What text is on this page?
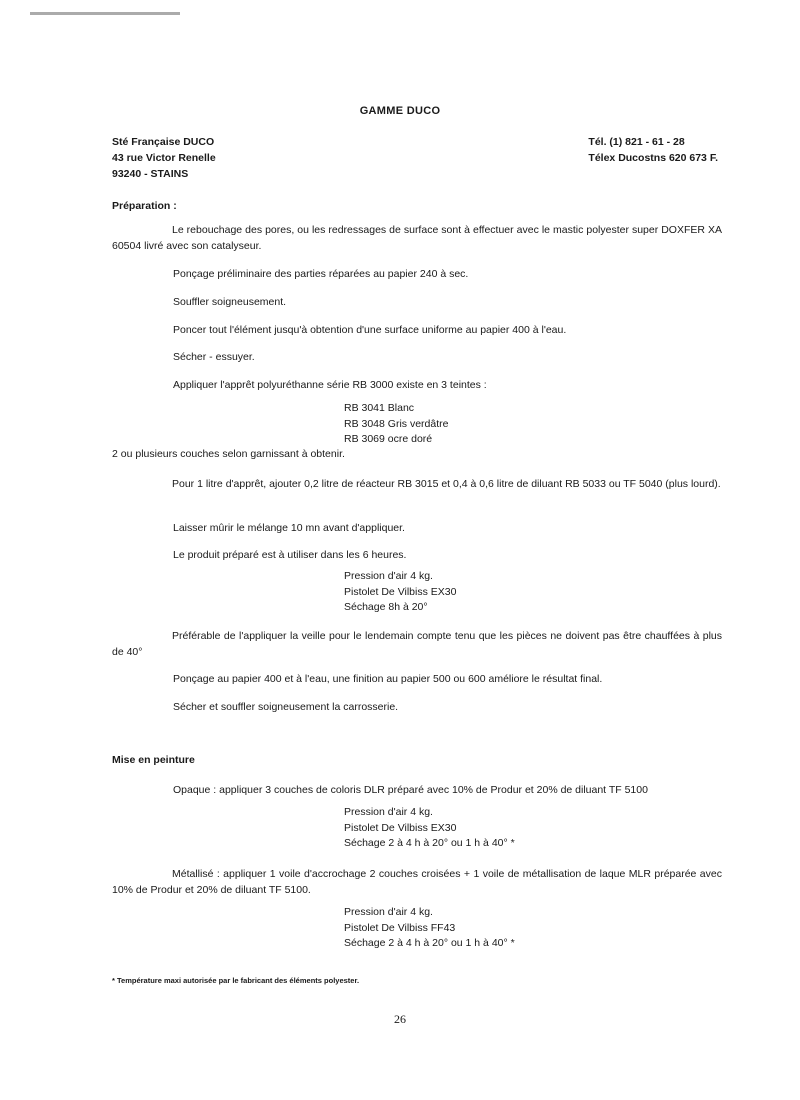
GAMME DUCO
Sté Française DUCO
43 rue Victor Renelle
93240 - STAINS
Tél. (1) 821 - 61 - 28
Télex Ducostns 620 673 F.
Préparation :
Le rebouchage des pores, ou les redressages de surface sont à effectuer avec le mastic polyester super DOXFER XA 60504 livré avec son catalyseur.
Ponçage préliminaire des parties réparées au papier 240 à sec.
Souffler soigneusement.
Poncer tout l'élément jusqu'à obtention d'une surface uniforme au papier 400 à l'eau.
Sécher - essuyer.
Appliquer l'apprêt polyuréthanne série RB 3000 existe en 3 teintes :
RB 3041 Blanc
RB 3048 Gris verdâtre
RB 3069 ocre doré
2 ou plusieurs couches selon garnissant à obtenir.
Pour 1 litre d'apprêt, ajouter 0,2 litre de réacteur RB 3015 et 0,4 à 0,6 litre de diluant RB 5033 ou TF 5040 (plus lourd).
Laisser mûrir le mélange 10 mn avant d'appliquer.
Le produit préparé est à utiliser dans les 6 heures.
Pression d'air 4 kg.
Pistolet De Vilbiss EX30
Séchage 8h à 20°
Préférable de l'appliquer la veille pour le lendemain compte tenu que les pièces ne doivent pas être chauffées à plus de 40°
Ponçage au papier 400 et à l'eau, une finition au papier 500 ou 600 améliore le résultat final.
Sécher et souffler soigneusement la carrosserie.
Mise en peinture
Opaque : appliquer 3 couches de coloris DLR préparé avec 10% de Produr et 20% de diluant TF 5100
Pression d'air 4 kg.
Pistolet De Vilbiss EX30
Séchage 2 à 4 h à 20° ou 1 h à 40° *
Métallisé : appliquer 1 voile d'accrochage 2 couches croisées + 1 voile de métallisation de laque MLR préparée avec 10% de Produr et 20% de diluant TF 5100.
Pression d'air 4 kg.
Pistolet De Vilbiss FF43
Séchage 2 à 4 h à 20° ou 1 h à 40° *
* Température maxi autorisée par le fabricant des éléments polyester.
26
